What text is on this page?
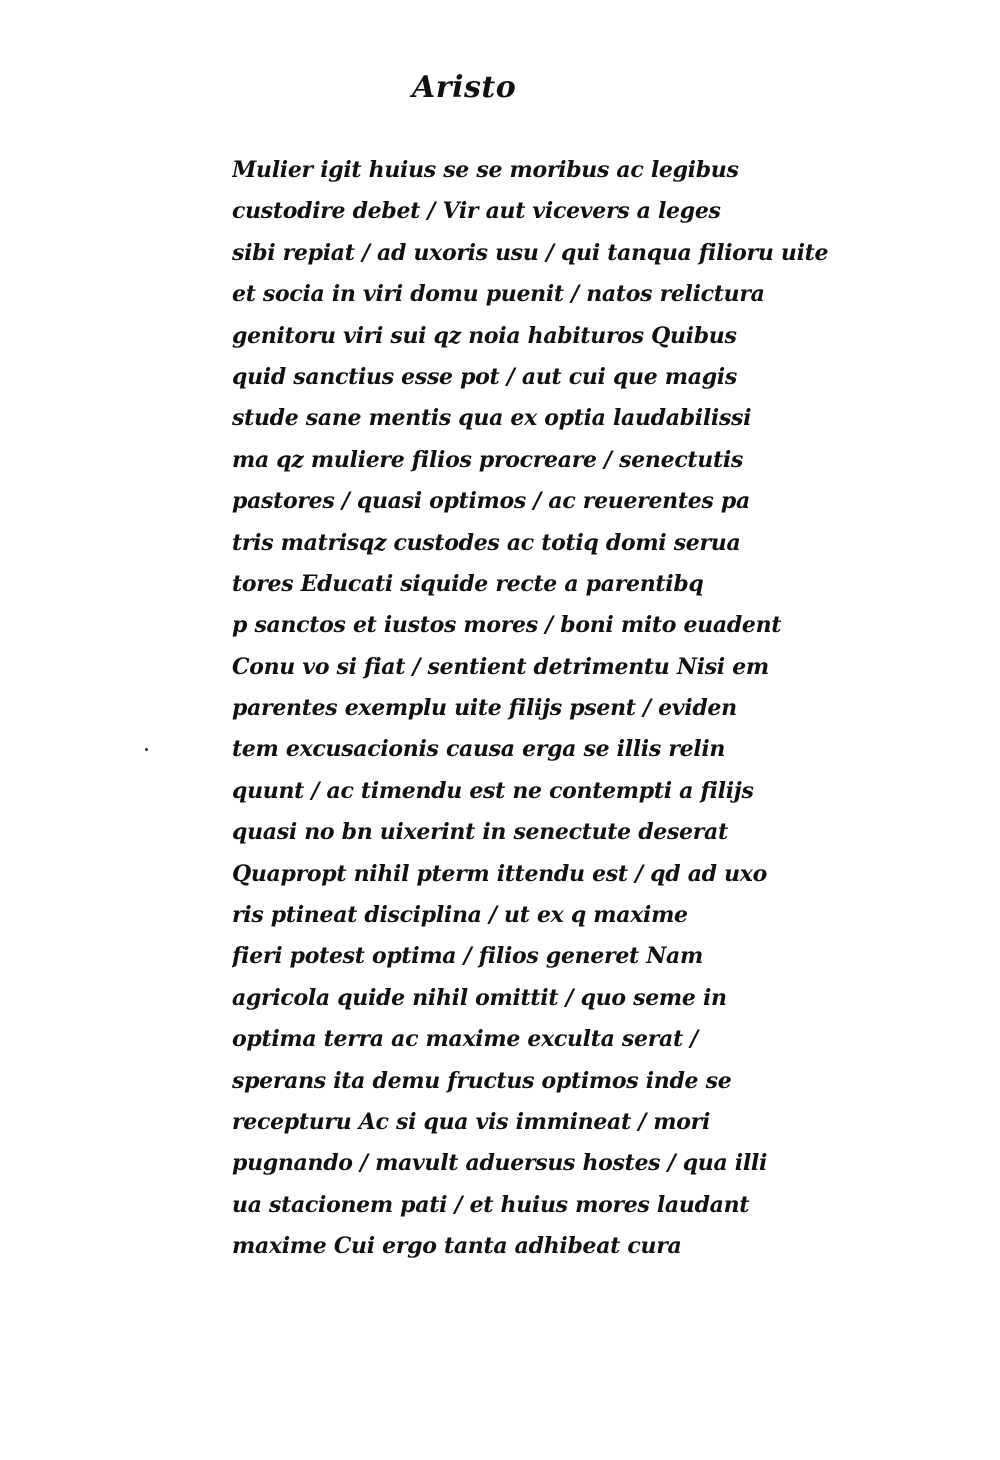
Aristo
Mulier igit huius se se moribus ac legibus
custodire debet / Vir aut vicevers a leges
sibi repiat / ad uxoris usu / qui tanqua filioru uite
et socia in viri domu puenit / natos relictura
genitoru viri sui qz noia habituros Quibus
quid sanctius esse pot / aut cui que magis
stude sane mentis qua ex optia laudabilissi
ma qz muliere filios procreare / senectutis
pastores / quasi optimos / ac reuerentes pa
tris matrisqz custodes ac totiq domi serua
tores Educati siquide recte a parentibq
p sanctos et iustos mores / boni mito euadent
Conu vo si fiat / sentient detrimentu Nisi em
parentes exemplu uite filijs psent / eviden
tem excusacionis causa erga se illis relin
quunt / ac timendu est ne contempti a filijs
quasi no bn uixerint in senectute deserat
Quapropt nihil pterm ittendu est / qd ad uxo
ris ptineat disciplina / ut ex q maxime
fieri potest optima / filios generet Nam
agricola quide nihil omittit / quo seme in
optima terra ac maxime exculta serat /
sperans ita demu fructus optimos inde se
recepturu Ac si qua vis immineat / mori
pugnando / mavult aduersus hostes / qua illi
ua stacionem pati / et huius mores laudant
maxime Cui ergo tanta adhibeat cura
